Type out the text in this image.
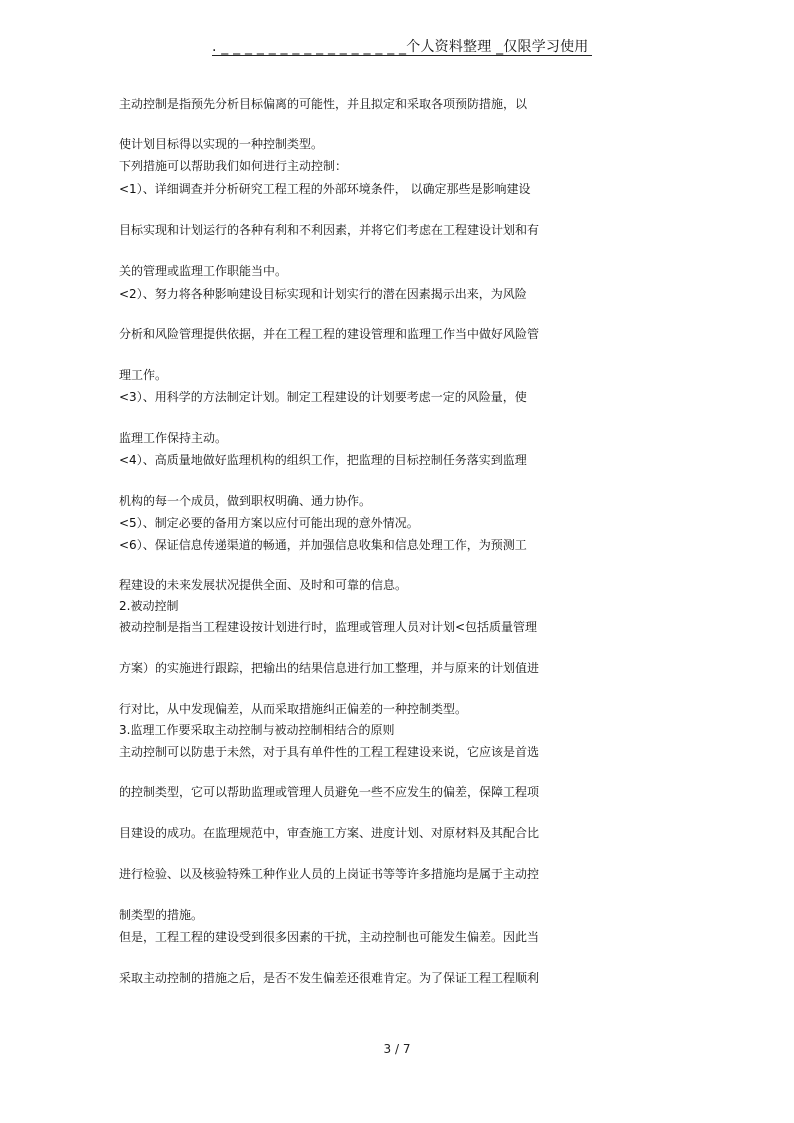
. _ _ _ _ _ _ _ _ _ _ _ _ _ _ _ _个人资料整理 _仅限学习使用
主动控制是指预先分析目标偏离的可能性，并且拟定和采取各项预防措施，以
使计划目标得以实现的一种控制类型。
下列措施可以帮助我们如何进行主动控制：
<1）、详细调查并分析研究工程工程的外部环境条件， 以确定那些是影响建设
目标实现和计划运行的各种有利和不利因素，并将它们考虑在工程建设计划和有
关的管理或监理工作职能当中。
<2）、努力将各种影响建设目标实现和计划实行的潜在因素揭示出来，为风险
分析和风险管理提供依据，并在工程工程的建设管理和监理工作当中做好风险管
理工作。
<3）、用科学的方法制定计划。制定工程建设的计划要考虑一定的风险量，使
监理工作保持主动。
<4）、高质量地做好监理机构的组织工作，把监理的目标控制任务落实到监理
机构的每一个成员，做到职权明确、通力协作。
<5）、制定必要的备用方案以应付可能出现的意外情况。
<6）、保证信息传递渠道的畅通，并加强信息收集和信息处理工作，为预测工
程建设的未来发展状况提供全面、及时和可靠的信息。
2.被动控制
被动控制是指当工程建设按计划进行时，监理或管理人员对计划<包括质量管理
方案）的实施进行跟踪，把输出的结果信息进行加工整理，并与原来的计划值进
行对比，从中发现偏差，从而采取措施纠正偏差的一种控制类型。
3.监理工作要采取主动控制与被动控制相结合的原则
主动控制可以防患于未然，对于具有单件性的工程工程建设来说，它应该是首选
的控制类型，它可以帮助监理或管理人员避免一些不应发生的偏差，保障工程项
目建设的成功。在监理规范中，审查施工方案、进度计划、对原材料及其配合比
进行检验、以及核验特殊工种作业人员的上岗证书等等许多措施均是属于主动控
制类型的措施。
但是，工程工程的建设受到很多因素的干扰，主动控制也可能发生偏差。因此当
采取主动控制的措施之后，是否不发生偏差还很难肯定。为了保证工程工程顺利
3 / 7
